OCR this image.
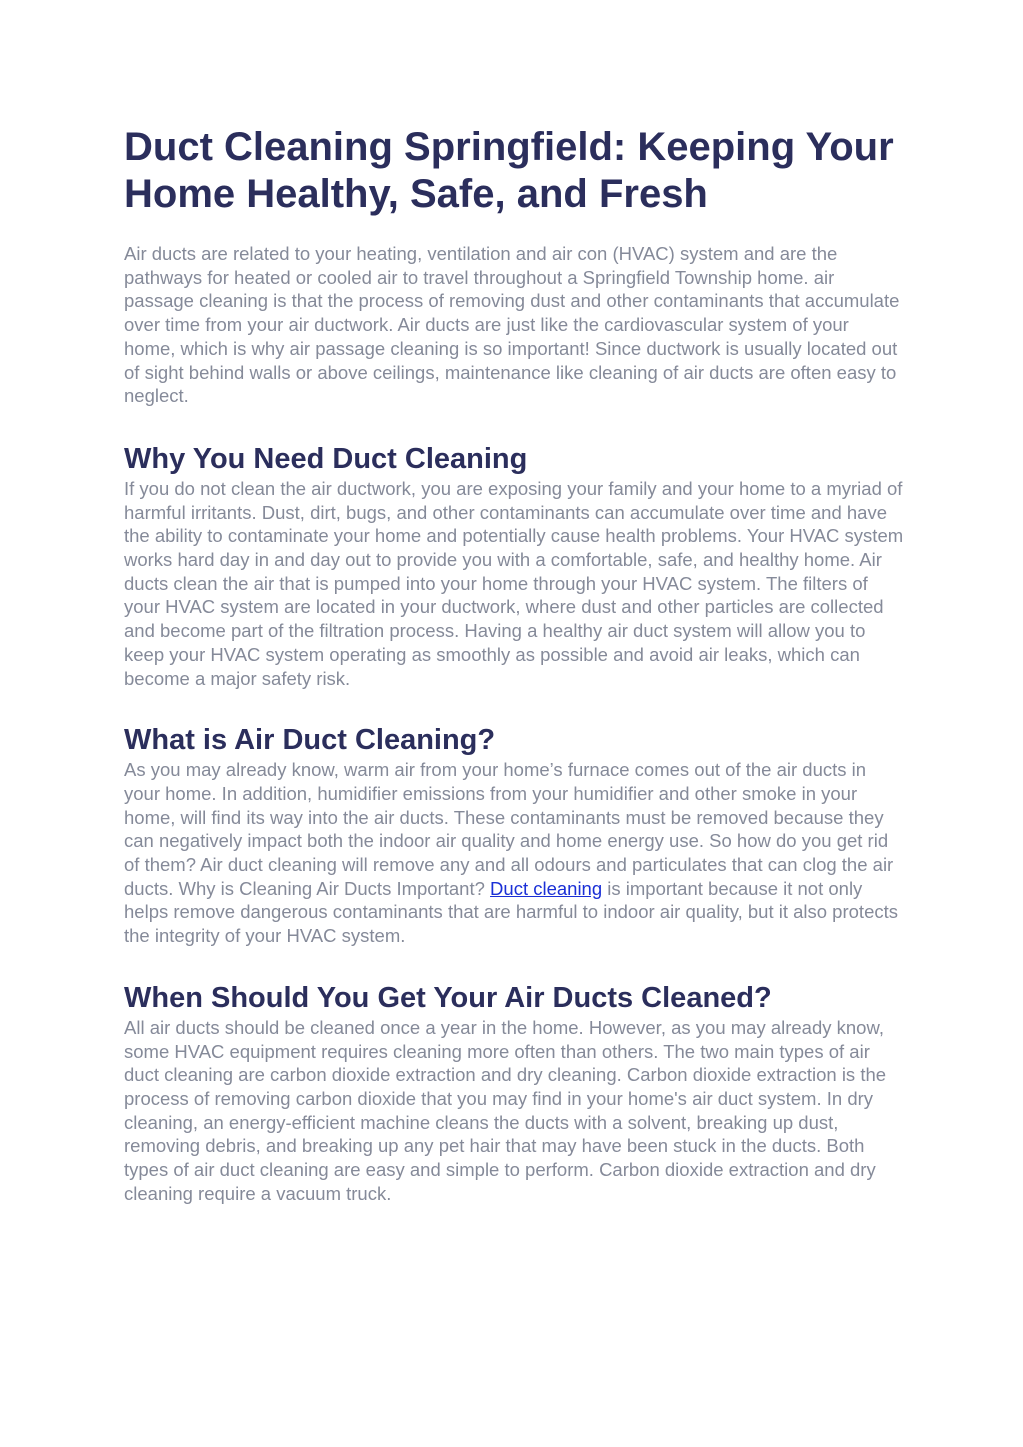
Duct Cleaning Springfield: Keeping Your Home Healthy, Safe, and Fresh

Air ducts are related to your heating, ventilation and air con (HVAC) system and are the pathways for heated or cooled air to travel throughout a Springfield Township home. air passage cleaning is that the process of removing dust and other contaminants that accumulate over time from your air ductwork. Air ducts are just like the cardiovascular system of your home, which is why air passage cleaning is so important! Since ductwork is usually located out of sight behind walls or above ceilings, maintenance like cleaning of air ducts are often easy to neglect.

Why You Need Duct Cleaning

If you do not clean the air ductwork, you are exposing your family and your home to a myriad of harmful irritants. Dust, dirt, bugs, and other contaminants can accumulate over time and have the ability to contaminate your home and potentially cause health problems. Your HVAC system works hard day in and day out to provide you with a comfortable, safe, and healthy home. Air ducts clean the air that is pumped into your home through your HVAC system. The filters of your HVAC system are located in your ductwork, where dust and other particles are collected and become part of the filtration process. Having a healthy air duct system will allow you to keep your HVAC system operating as smoothly as possible and avoid air leaks, which can become a major safety risk.

What is Air Duct Cleaning?

As you may already know, warm air from your home’s furnace comes out of the air ducts in your home. In addition, humidifier emissions from your humidifier and other smoke in your home, will find its way into the air ducts. These contaminants must be removed because they can negatively impact both the indoor air quality and home energy use. So how do you get rid of them? Air duct cleaning will remove any and all odours and particulates that can clog the air ducts. Why is Cleaning Air Ducts Important? Duct cleaning is important because it not only helps remove dangerous contaminants that are harmful to indoor air quality, but it also protects the integrity of your HVAC system.

When Should You Get Your Air Ducts Cleaned?

All air ducts should be cleaned once a year in the home. However, as you may already know, some HVAC equipment requires cleaning more often than others. The two main types of air duct cleaning are carbon dioxide extraction and dry cleaning. Carbon dioxide extraction is the process of removing carbon dioxide that you may find in your home's air duct system. In dry cleaning, an energy-efficient machine cleans the ducts with a solvent, breaking up dust, removing debris, and breaking up any pet hair that may have been stuck in the ducts. Both types of air duct cleaning are easy and simple to perform. Carbon dioxide extraction and dry cleaning require a vacuum truck.
